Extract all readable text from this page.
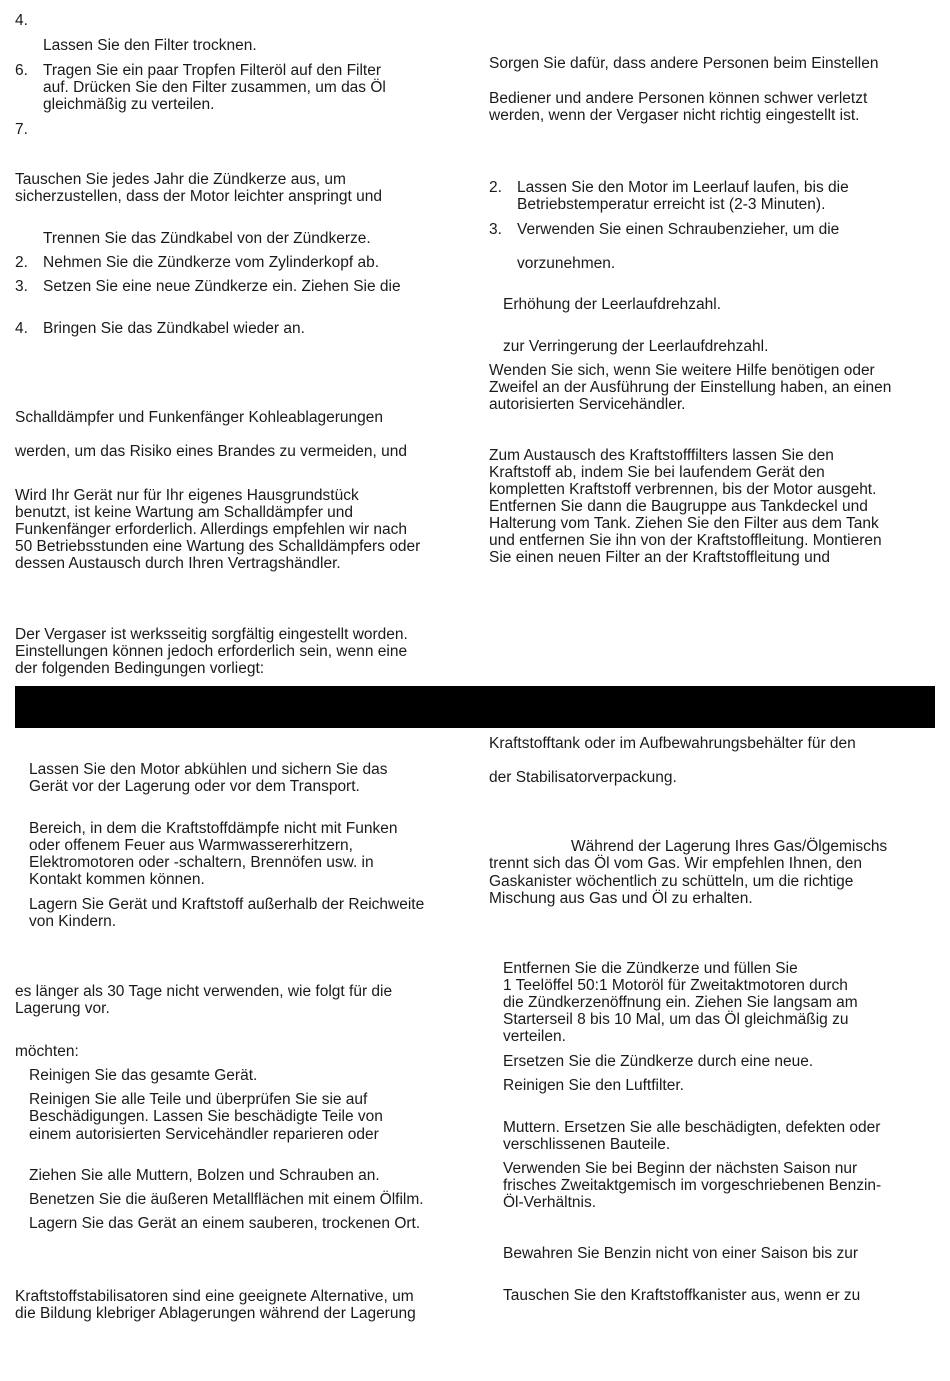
4.

Lassen Sie den Filter trocknen.

6. Tragen Sie ein paar Tropfen Filteröl auf den Filter

auf. Drücken Sie den Filter zusammen, um das Öl

gleichmäßig zu verteilen.

7.

Tauschen Sie jedes Jahr die Zündkerze aus, um

sicherzustellen, dass der Motor leichter anspringt und

Trennen Sie das Zündkabel von der Zündkerze.

2. Nehmen Sie die Zündkerze vom Zylinderkopf ab.

3. Setzen Sie eine neue Zündkerze ein. Ziehen Sie die

4. Bringen Sie das Zündkabel wieder an.

Schalldämpfer und Funkenfänger Kohleablagerungen

werden, um das Risiko eines Brandes zu vermeiden, und

Wird Ihr Gerät nur für Ihr eigenes Hausgrundstück

benutzt, ist keine Wartung am Schalldämpfer und

Funkenfänger erforderlich. Allerdings empfehlen wir nach

50 Betriebsstunden eine Wartung des Schalldämpfers oder

dessen Austausch durch Ihren Vertragshändler.

Der Vergaser ist werksseitig sorgfältig eingestellt worden.

Einstellungen können jedoch erforderlich sein, wenn eine

der folgenden Bedingungen vorliegt:

Sorgen Sie dafür, dass andere Personen beim Einstellen

Bediener und andere Personen können schwer verletzt

werden, wenn der Vergaser nicht richtig eingestellt ist.

2. Lassen Sie den Motor im Leerlauf laufen, bis die

Betriebstemperatur erreicht ist (2-3 Minuten).

3. Verwenden Sie einen Schraubenzieher, um die

vorzunehmen.

Erhöhung der Leerlaufdrehzahl.

zur Verringerung der Leerlaufdrehzahl.

Wenden Sie sich, wenn Sie weitere Hilfe benötigen oder

Zweifel an der Ausführung der Einstellung haben, an einen

autorisierten Servicehändler.

Zum Austausch des Kraftstofffilters lassen Sie den

Kraftstoff ab, indem Sie bei laufendem Gerät den

kompletten Kraftstoff verbrennen, bis der Motor ausgeht.

Entfernen Sie dann die Baugruppe aus Tankdeckel und

Halterung vom Tank. Ziehen Sie den Filter aus dem Tank

und entfernen Sie ihn von der Kraftstoffleitung. Montieren

Sie einen neuen Filter an der Kraftstoffleitung und

Lassen Sie den Motor abkühlen und sichern Sie das

Gerät vor der Lagerung oder vor dem Transport.

Bereich, in dem die Kraftstoffdämpfe nicht mit Funken

oder offenem Feuer aus Warmwassererhitzern,

Elektromotoren oder -schaltern, Brennöfen usw. in

Kontakt kommen können.

Lagern Sie Gerät und Kraftstoff außerhalb der Reichweite

von Kindern.

es länger als 30 Tage nicht verwenden, wie folgt für die

Lagerung vor.

möchten:

Reinigen Sie das gesamte Gerät.

Reinigen Sie alle Teile und überprüfen Sie sie auf

Beschädigungen. Lassen Sie beschädigte Teile von

einem autorisierten Servicehändler reparieren oder

Ziehen Sie alle Muttern, Bolzen und Schrauben an.

Benetzen Sie die äußeren Metallflächen mit einem Ölfilm.

Lagern Sie das Gerät an einem sauberen, trockenen Ort.

Kraftstoffstabilisatoren sind eine geeignete Alternative, um

die Bildung klebriger Ablagerungen während der Lagerung

Kraftstofftank oder im Aufbewahrungsbehälter für den

der Stabilisatorverpackung.

Während der Lagerung Ihres Gas/Ölgemischs

trennt sich das Öl vom Gas. Wir empfehlen Ihnen, den

Gaskanister wöchentlich zu schütteln, um die richtige

Mischung aus Gas und Öl zu erhalten.

Entfernen Sie die Zündkerze und füllen Sie

1 Teelöffel 50:1 Motoröl für Zweitaktmotoren durch

die Zündkerzenöffnung ein. Ziehen Sie langsam am

Starterseil 8 bis 10 Mal, um das Öl gleichmäßig zu

verteilen.

Ersetzen Sie die Zündkerze durch eine neue.

Reinigen Sie den Luftfilter.

Muttern. Ersetzen Sie alle beschädigten, defekten oder

verschlissenen Bauteile.

Verwenden Sie bei Beginn der nächsten Saison nur

frisches Zweitaktgemisch im vorgeschriebenen Benzin-

Öl-Verhältnis.

Bewahren Sie Benzin nicht von einer Saison bis zur

Tauschen Sie den Kraftstoffkanister aus, wenn er zu
